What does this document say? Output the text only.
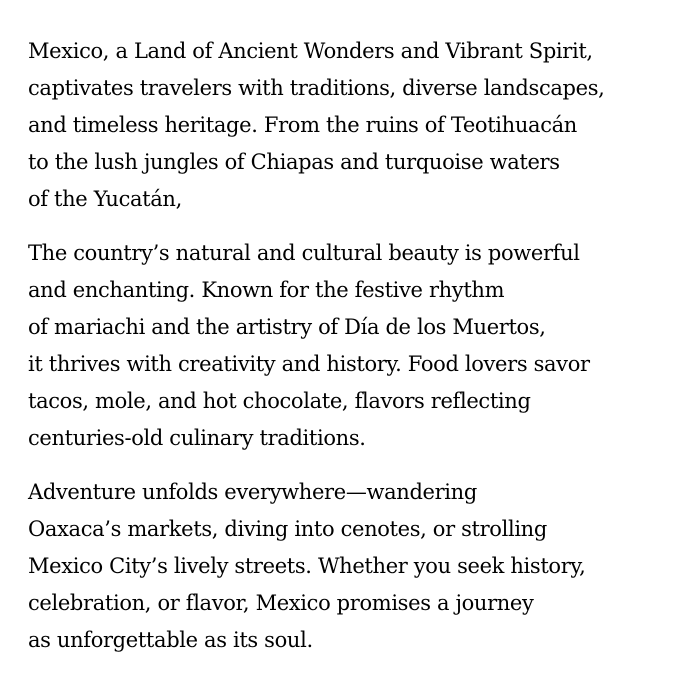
Mexico, a Land of Ancient Wonders and Vibrant Spirit,
captivates travelers with traditions, diverse landscapes,
and timeless heritage. From the ruins of Teotihuacán
to the lush jungles of Chiapas and turquoise waters
of the Yucatán,

The country’s natural and cultural beauty is powerful
and enchanting. Known for the festive rhythm
of mariachi and the artistry of Día de los Muertos,
it thrives with creativity and history. Food lovers savor
tacos, mole, and hot chocolate, flavors reflecting
centuries-old culinary traditions.

Adventure unfolds everywhere—wandering
Oaxaca’s markets, diving into cenotes, or strolling
Mexico City’s lively streets. Whether you seek history,
celebration, or flavor, Mexico promises a journey
as unforgettable as its soul.
